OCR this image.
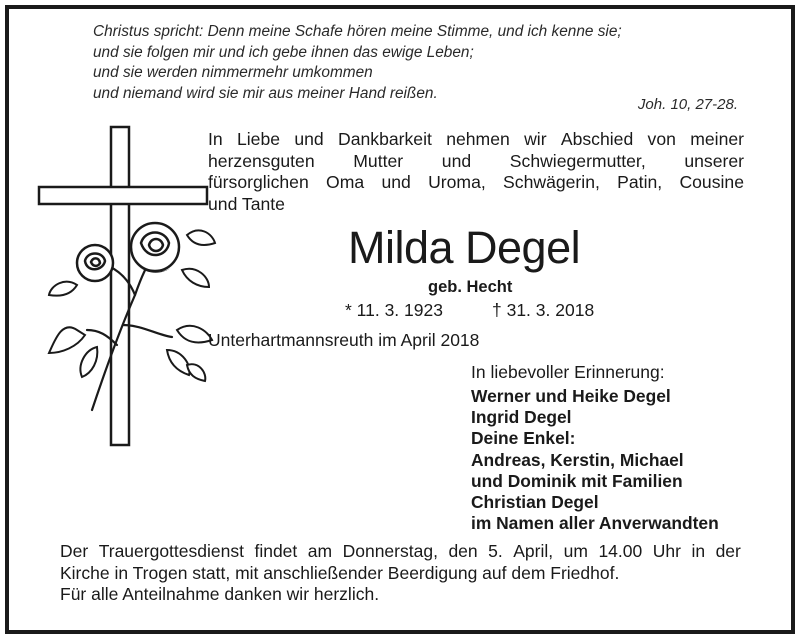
Christus spricht: Denn meine Schafe hören meine Stimme, und ich kenne sie;
und sie folgen mir und ich gebe ihnen das ewige Leben;
und sie werden nimmermehr umkommen
und niemand wird sie mir aus meiner Hand reißen.
Joh. 10, 27-28.
In Liebe und Dankbarkeit nehmen wir Abschied von meiner
herzensguten Mutter und Schwiegermutter, unserer
fürsorglichen Oma und Uroma, Schwägerin, Patin, Cousine
und Tante
Milda Degel
geb. Hecht
* 11. 3. 1923	† 31. 3. 2018
Unterhartmannsreuth im April 2018
In liebevoller Erinnerung:
Werner und Heike Degel
Ingrid Degel
Deine Enkel:
Andreas, Kerstin, Michael
und Dominik mit Familien
Christian Degel
im Namen aller Anverwandten
Der Trauergottesdienst findet am Donnerstag, den 5. April, um 14.00 Uhr in der
Kirche in Trogen statt, mit anschließender Beerdigung auf dem Friedhof.
Für alle Anteilnahme danken wir herzlich.
